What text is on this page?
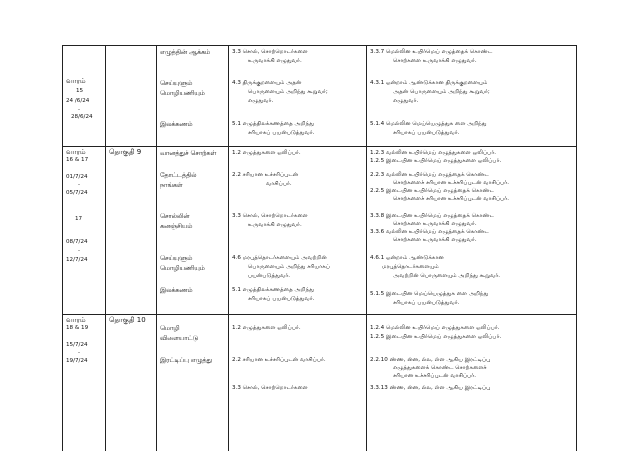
வாரம்
15
24 /6/24
-
28/6/24
வாரம்
16 & 17
01/7/24
-
05/7/24
17
08/7/24
-
12/7/24
வாரம்
18 & 19
15/7/24
-
19/7/24
தொகுதி 9
தொகுதி 10
எழுத்தின் ஆக்கம்
செய்யுளும்
மொழியணியும்
இலக்கணம்
வானத்துச் சொற்கள்
தோட்டத்தில்
நாங்கள்
சொல்லின்
கனஞ்சியம்
செய்யுளும்
மொழியணியும்
இலக்கணம்
மொழி
விளையாட்டு
இரட்டிப்பு எழுத்து
3.3 சொல், சொற்றொடர்களை
உருவாக்கி எழுதுவர்.
4.3 திருக்குறளையும் அதன்
பொருளையும் அறிந்து கூறுவர்;
எழுதுவர்.
5.1 எழுத்திலக்கணத்தை அறிந்து
சரியாகப் பயன்படுத்துவர்.
1.2 எழுத்துகளை ஒலிப்பர்.
2.2 சரியான உச்சரிப்புடன்
வாசிப்பர்.
3.3 சொல், சொற்றொடர்களை
உருவாக்கி எழுதுவர்.
4.6 மரபுத்தொடர்களையும் அவற்றின்
பொருளையும் அறிந்து சரியாகப்
பயன்படுத்துவர்.
5.1 எழுத்திலக்கணத்தை அறிந்து
சரியாகப் பயன்படுத்துவர்.
1.2 எழுத்துகளை ஒலிப்பர்.
2.2 சரியான உச்சரிப்புடன் வாசிப்பர்.
3.3 சொல், சொற்றொடர்களை
3.3.7 மெல்லின உயிர்மெய் எழுத்தைக் கொண்ட
சொற்களை உருவாக்கி எழுதுவர்.
4.3.1 ஒன்றாம் ஆண்டுக்கான திருக்குறளையும்
அதன் பொருளையும் அறிந்து கூறுவர்;
எழுதுவர்.
5.1.4 மெல்லின மெய்யெழுத்துக ளை அறிந்து
சரியாகப் பயன்படுத்துவர்.
1.2.3 வல்லின உயிர்மெய் எழுத்துகளை ஒலிப்பர்.
1.2.5 இடையின உயிர்மெய் எழுத்துகளை ஒலிப்பர்.
2.2.3 வல்லின உயிர்மெய் எழுத்தைக் கொண்ட
சொற்களைச் சரியான உச்சரிப்புடன் வாசிப்பர்.
2.2.5 இடையின உயிர்மெய் எழுத்தைக் கொண்ட
சொற்களைச் சரியான உச்சரிப்புடன் வாசிப்பர்.
3.3.8 இடையின உயிர்மெய் எழுத்தைக் கொண்ட
சொற்களை உருவாக்கி எழுதுவர்.
3.3.6 வல்லின உயிர்மெய் எழுத்தைக் கொண்ட
சொற்களை உருவாக்கி எழுதுவர்.
4.6.1 ஒன்றாம் ஆண்டுக்கான
மரபுத்தொடர்களையும்
அவற்றின் பொருளையும் அறிந்து கூறுவர்.
5.1.5 இடையின மெய்யெழுத்துக ளை அறிந்து
சரியாகப் பயன்படுத்துவர்.
1.2.4 மெல்லின உயிர்மெய் எழுத்துகளை ஒலிப்பர்.
1.2.5 இடையின உயிர்மெய் எழுத்துகளை ஒலிப்பர்.
2.2.10 ண்ண, ன்ன, ல்ல, ள்ள ஆகிய இரட்டிப்பு
எழுத்துகளைக் கொண்ட சொற்களைச்
சரியான உச்சரிப்புடன் வாசிப்பர்.
3.3.13 ண்ண, ன்ன, ல்ல, ள்ள ஆகிய இரட்டிப்பு
